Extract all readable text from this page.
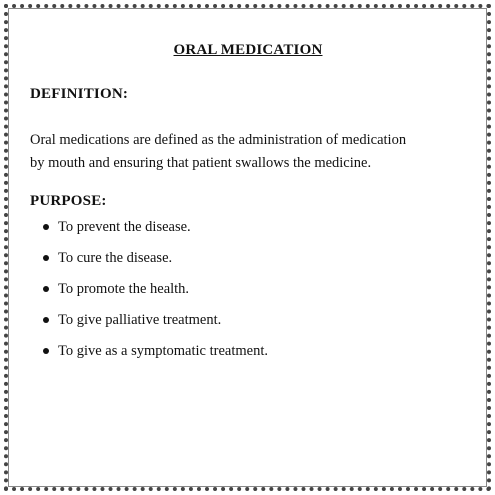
ORAL MEDICATION
DEFINITION:
Oral medications are defined as the administration of medication
by mouth and ensuring that patient swallows the medicine.
PURPOSE:
To prevent the disease.
To cure the disease.
To promote the health.
To give palliative treatment.
To give as a symptomatic treatment.
